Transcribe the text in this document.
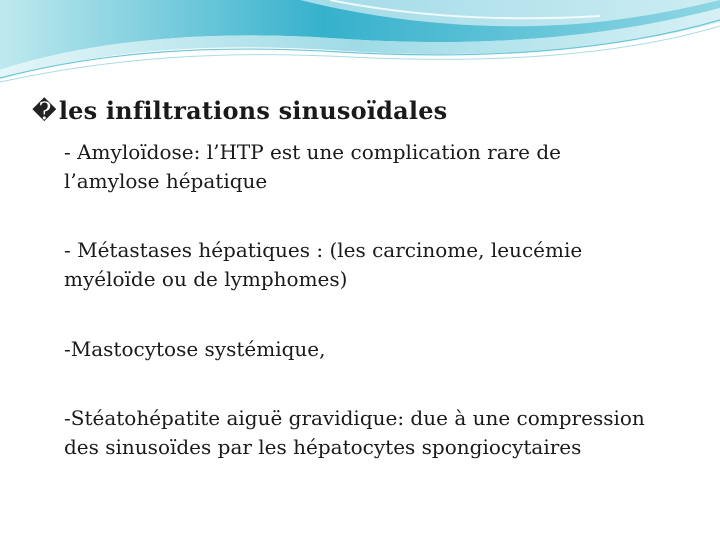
�les infiltrations sinusoïdales
- Amyloïdose: l’HTP est une complication rare de
l’amylose hépatique
- Métastases hépatiques : (les carcinome, leucémie
myéloïde ou de lymphomes)
-Mastocytose systémique,
-Stéatohépatite aiguë gravidique: due à une compression
des sinusoïdes par les hépatocytes spongiocytaires
